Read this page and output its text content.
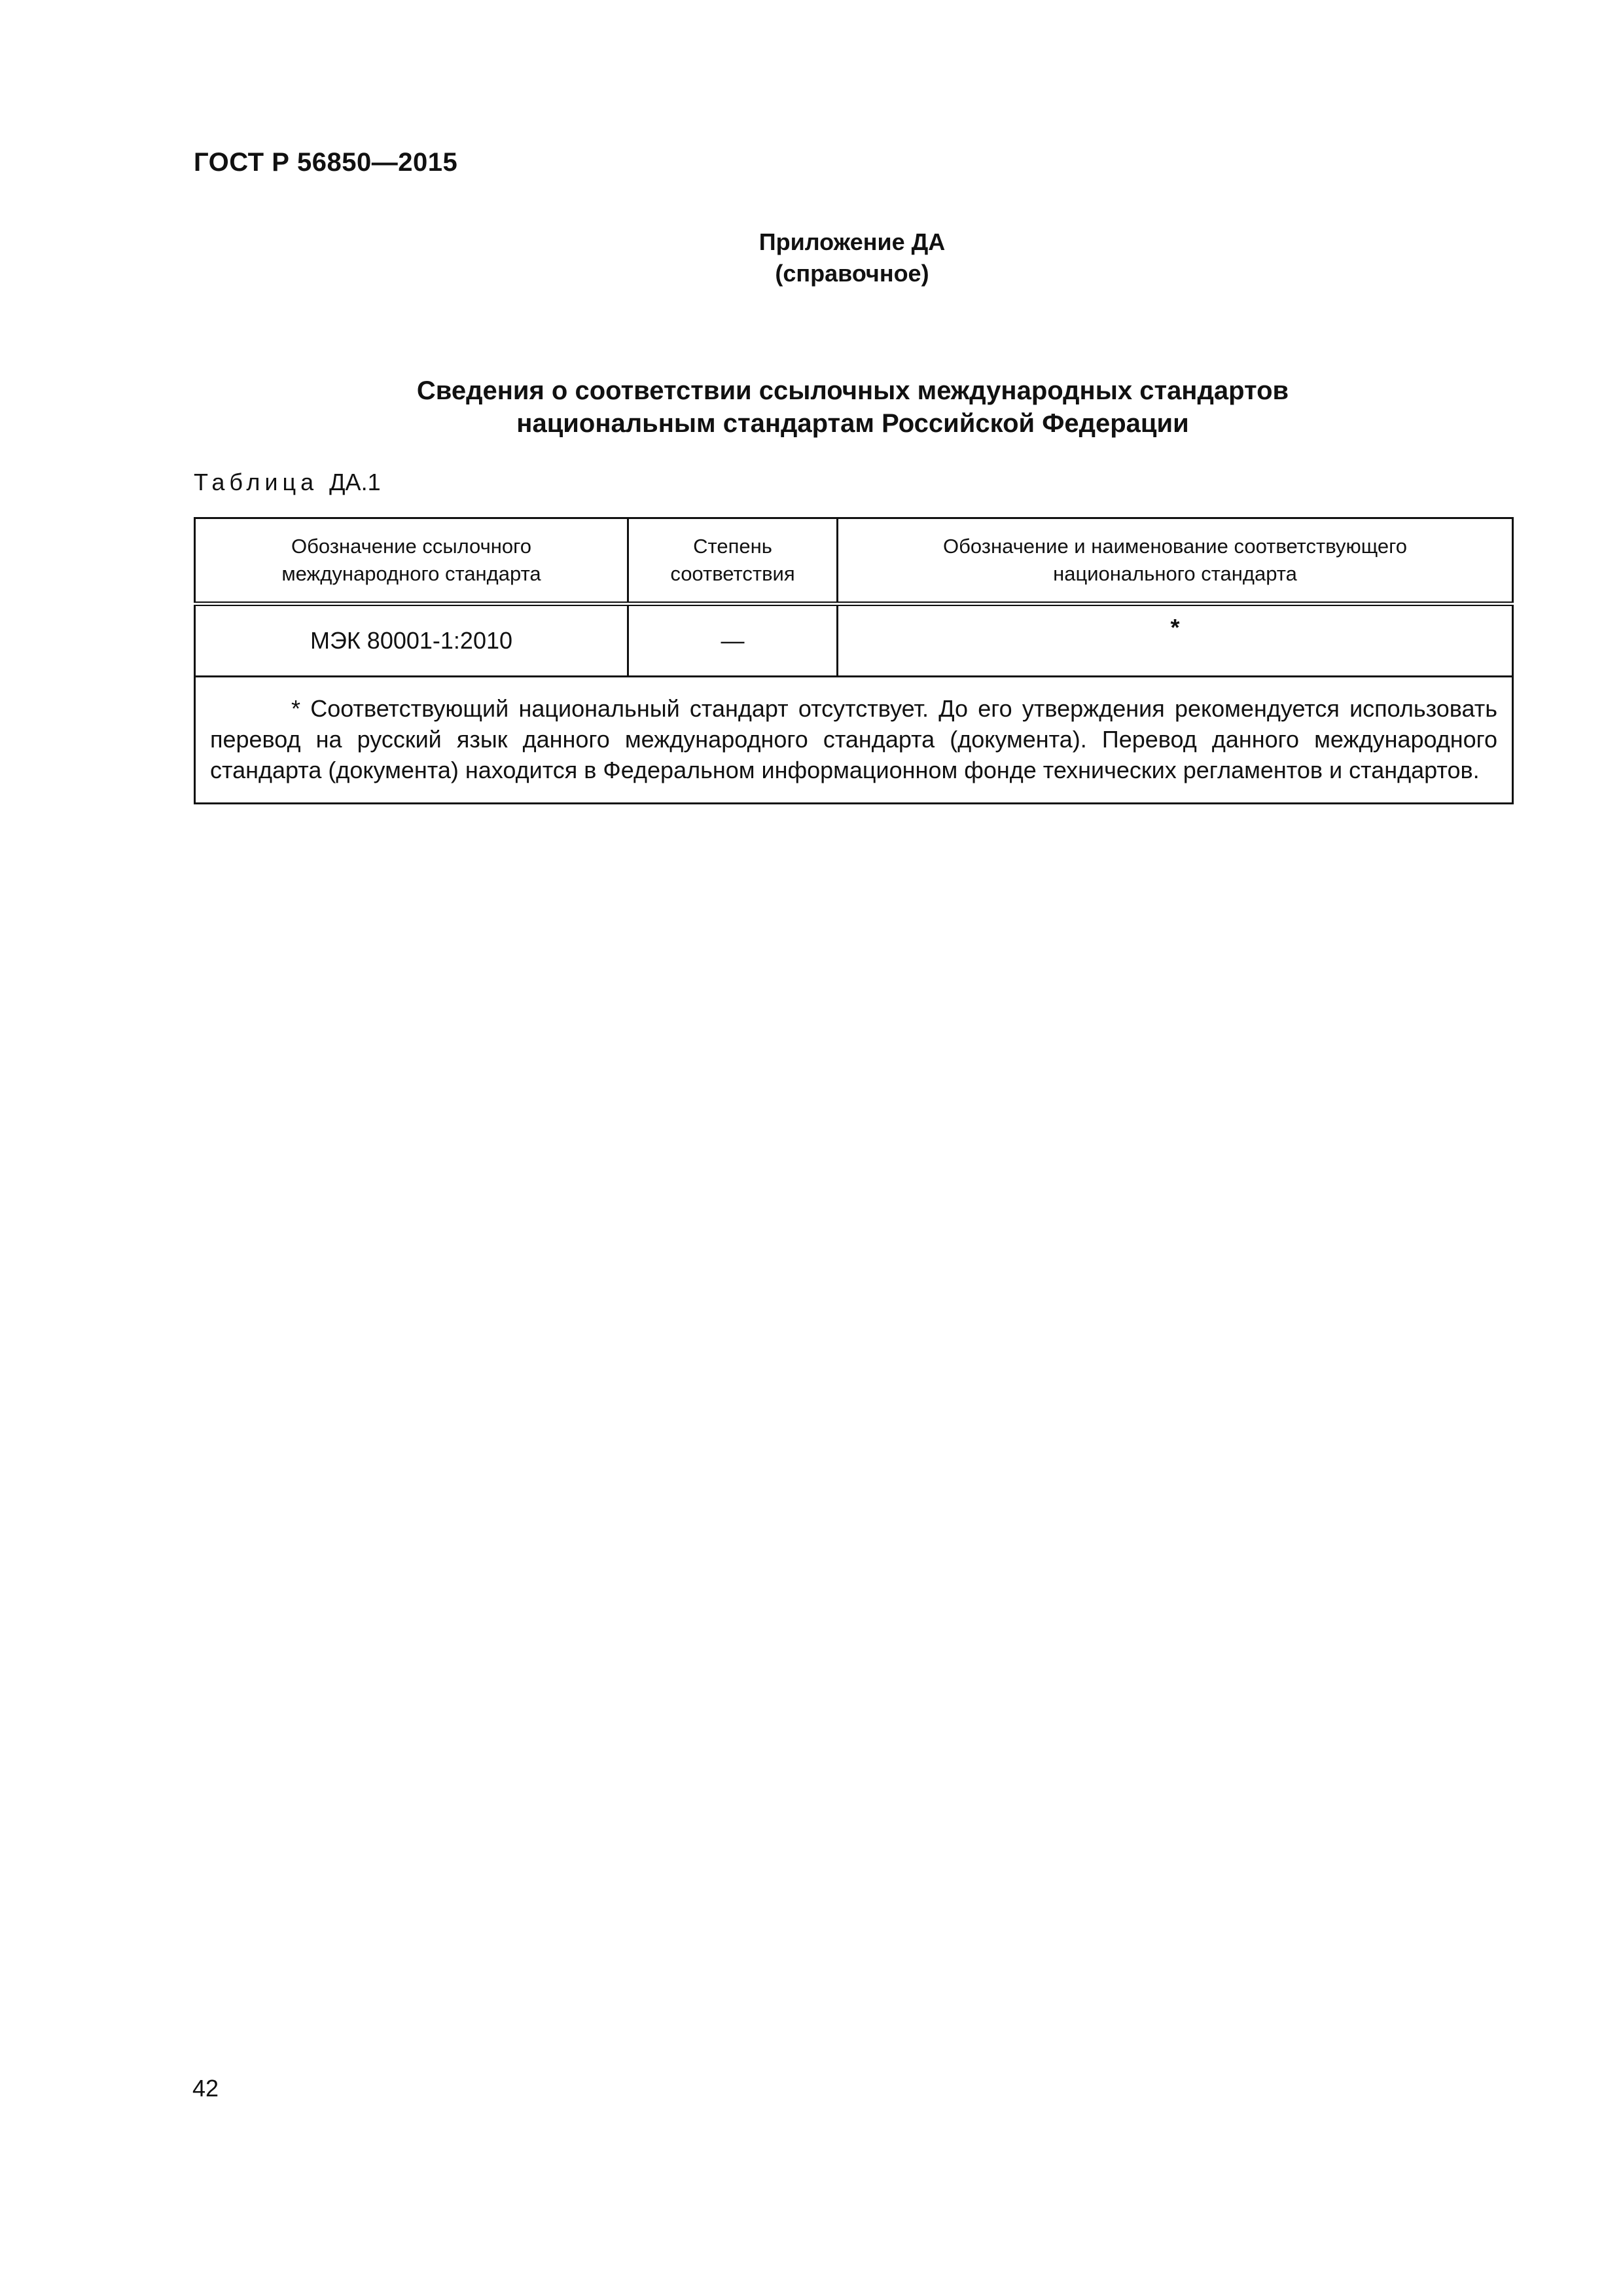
ГОСТ Р 56850—2015
Приложение ДА
(справочное)
Сведения о соответствии ссылочных международных стандартов
национальным стандартам Российской Федерации
Таблица ДА.1
Обозначение ссылочного международного стандарта	Степень соответствия	Обозначение и наименование соответствующего национального стандарта

МЭК 80001-1:2010	—	*
* Соответствующий национальный стандарт отсутствует. До его утверждения рекомендуется использовать перевод на русский язык данного международного стандарта (документа). Перевод данного международного стандарта (документа) находится в Федеральном информационном фонде технических регламентов и стандартов.		
42
